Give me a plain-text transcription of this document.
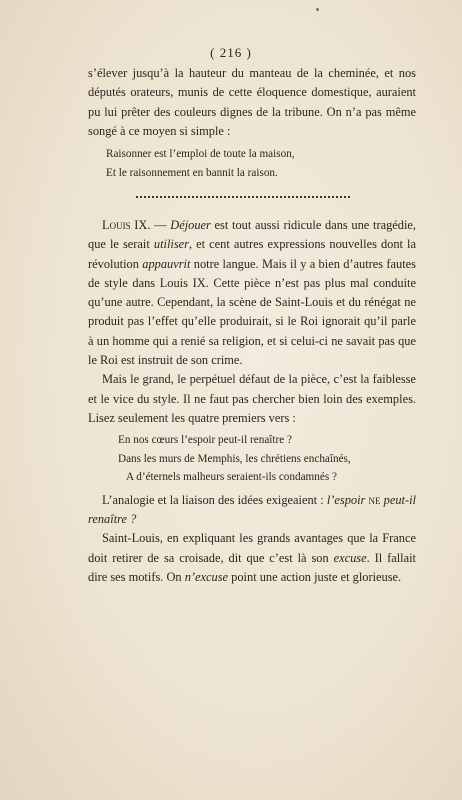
( 216 )

s’élever jusqu’à la hauteur du manteau de la cheminée, et nos députés orateurs, munis de cette éloquence domestique, auraient pu lui prêter des couleurs dignes de la tribune. On n’a pas même songé à ce moyen si simple :

Raisonner est l’emploi de toute la maison,
Et le raisonnement en bannit la raison.

Louis IX. — Déjouer est tout aussi ridicule dans une tragédie, que le serait utiliser, et cent autres expressions nouvelles dont la révolution appauvrit notre langue. Mais il y a bien d’autres fautes de style dans Louis IX. Cette pièce n’est pas plus mal conduite qu’une autre. Cependant, la scène de Saint-Louis et du rénégat ne produit pas l’effet qu’elle produirait, si le Roi ignorait qu’il parle à un homme qui a renié sa religion, et si celui-ci ne savait pas que le Roi est instruit de son crime.

Mais le grand, le perpétuel défaut de la pièce, c’est la faiblesse et le vice du style. Il ne faut pas chercher bien loin des exemples. Lisez seulement les quatre premiers vers :

En nos cœurs l’espoir peut-il renaître ?
Dans les murs de Memphis, les chrétiens enchaînés,
A d’éternels malheurs seraient-ils condamnés ?

L’analogie et la liaison des idées exigeaient : l’espoir ne peut-il renaître ?

Saint-Louis, en expliquant les grands avantages que la France doit retirer de sa croisade, dit que c’est là son excuse. Il fallait dire ses motifs. On n’excuse point une action juste et glorieuse.
